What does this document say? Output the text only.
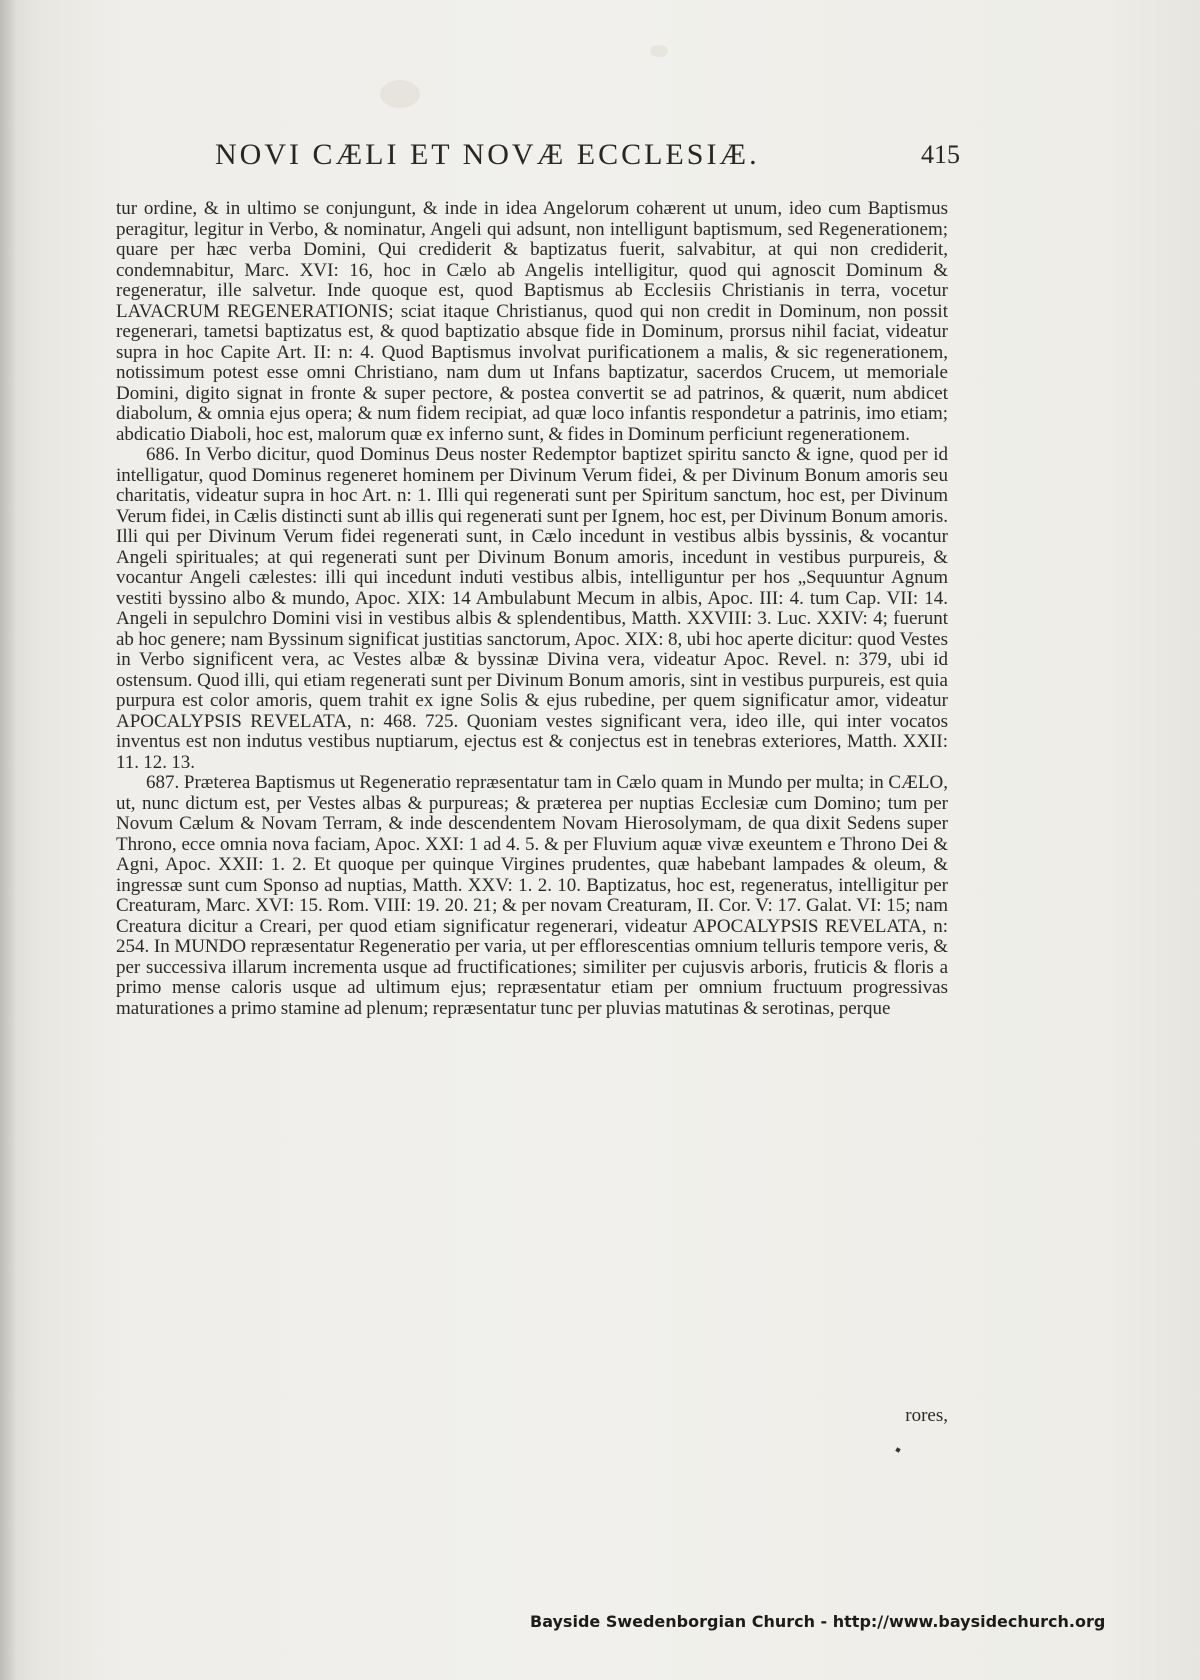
NOVI CÆLI ET NOVÆ ECCLESIÆ.	415

tur ordine, & in ultimo se conjungunt, & inde in idea Angelorum cohærent ut unum, ideo cum Baptismus peragitur, legitur in Verbo, & nominatur, Angeli qui adsunt, non intelligunt baptismum, sed Regenerationem; quare per hæc verba Domini, Qui crediderit & baptizatus fuerit, salvabitur, at qui non crediderit, condemnabitur, Marc. XVI: 16, hoc in Cælo ab Angelis intelligitur, quod qui agnoscit Dominum & regeneratur, ille salvetur. Inde quoque est, quod Baptismus ab Ecclesiis Christianis in terra, vocetur LAVACRUM REGENERATIONIS; sciat itaque Christianus, quod qui non credit in Dominum, non possit regenerari, tametsi baptizatus est, & quod baptizatio absque fide in Dominum, prorsus nihil faciat, videatur supra in hoc Capite Art. II: n: 4. Quod Baptismus involvat purificationem a malis, & sic regenerationem, notissimum potest esse omni Christiano, nam dum ut Infans baptizatur, sacerdos Crucem, ut memoriale Domini, digito signat in fronte & super pectore, & postea convertit se ad patrinos, & quærit, num abdicet diabolum, & omnia ejus opera; & num fidem recipiat, ad quæ loco infantis respondetur a patrinis, imo etiam; abdicatio Diaboli, hoc est, malorum quæ ex inferno sunt, & fides in Dominum perficiunt regenerationem.

686. In Verbo dicitur, quod Dominus Deus noster Redemptor baptizet spiritu sancto & igne, quod per id intelligatur, quod Dominus regeneret hominem per Divinum Verum fidei, & per Divinum Bonum amoris seu charitatis, videatur supra in hoc Art. n: 1. Illi qui regenerati sunt per Spiritum sanctum, hoc est, per Divinum Verum fidei, in Cælis distincti sunt ab illis qui regenerati sunt per Ignem, hoc est, per Divinum Bonum amoris. Illi qui per Divinum Verum fidei regenerati sunt, in Cælo incedunt in vestibus albis byssinis, & vocantur Angeli spirituales; at qui regenerati sunt per Divinum Bonum amoris, incedunt in vestibus purpureis, & vocantur Angeli cælestes: illi qui incedunt induti vestibus albis, intelliguntur per hos „Sequuntur Agnum vestiti byssino albo & mundo, Apoc. XIX: 14 Ambulabunt Mecum in albis, Apoc. III: 4. tum Cap. VII: 14. Angeli in sepulchro Domini visi in vestibus albis & splendentibus, Matth. XXVIII: 3. Luc. XXIV: 4; fuerunt ab hoc genere; nam Byssinum significat justitias sanctorum, Apoc. XIX: 8, ubi hoc aperte dicitur: quod Vestes in Verbo significent vera, ac Vestes albæ & byssinæ Divina vera, videatur Apoc. Revel. n: 379, ubi id ostensum. Quod illi, qui etiam regenerati sunt per Divinum Bonum amoris, sint in vestibus purpureis, est quia purpura est color amoris, quem trahit ex igne Solis & ejus rubedine, per quem significatur amor, videatur APOCALYPSIS REVELATA, n: 468. 725. Quoniam vestes significant vera, ideo ille, qui inter vocatos inventus est non indutus vestibus nuptiarum, ejectus est & conjectus est in tenebras exteriores, Matth. XXII: 11. 12. 13.

687. Præterea Baptismus ut Regeneratio repræsentatur tam in Cælo quam in Mundo per multa; in CÆLO, ut, nunc dictum est, per Vestes albas & purpureas; & præterea per nuptias Ecclesiæ cum Domino; tum per Novum Cælum & Novam Terram, & inde descendentem Novam Hierosolymam, de qua dixit Sedens super Throno, ecce omnia nova faciam, Apoc. XXI: 1 ad 4. 5. & per Fluvium aquæ vivæ exeuntem e Throno Dei & Agni, Apoc. XXII: 1. 2. Et quoque per quinque Virgines prudentes, quæ habebant lampades & oleum, & ingressæ sunt cum Sponso ad nuptias, Matth. XXV: 1. 2. 10. Baptizatus, hoc est, regeneratus, intelligitur per Creaturam, Marc. XVI: 15. Rom. VIII: 19. 20. 21; & per novam Creaturam, II. Cor. V: 17. Galat. VI: 15; nam Creatura dicitur a Creari, per quod etiam significatur regenerari, videatur APOCALYPSIS REVELATA, n: 254. In MUNDO repræsentatur Regeneratio per varia, ut per efflorescentias omnium telluris tempore veris, & per successiva illarum incrementa usque ad fructificationes; similiter per cujusvis arboris, fruticis & floris a primo mense caloris usque ad ultimum ejus; repræsentatur etiam per omnium fructuum progressivas maturationes a primo stamine ad plenum; repræsentatur tunc per pluvias matutinas & serotinas, perque

rores,
Bayside Swedenborgian Church - http://www.baysidechurch.org
